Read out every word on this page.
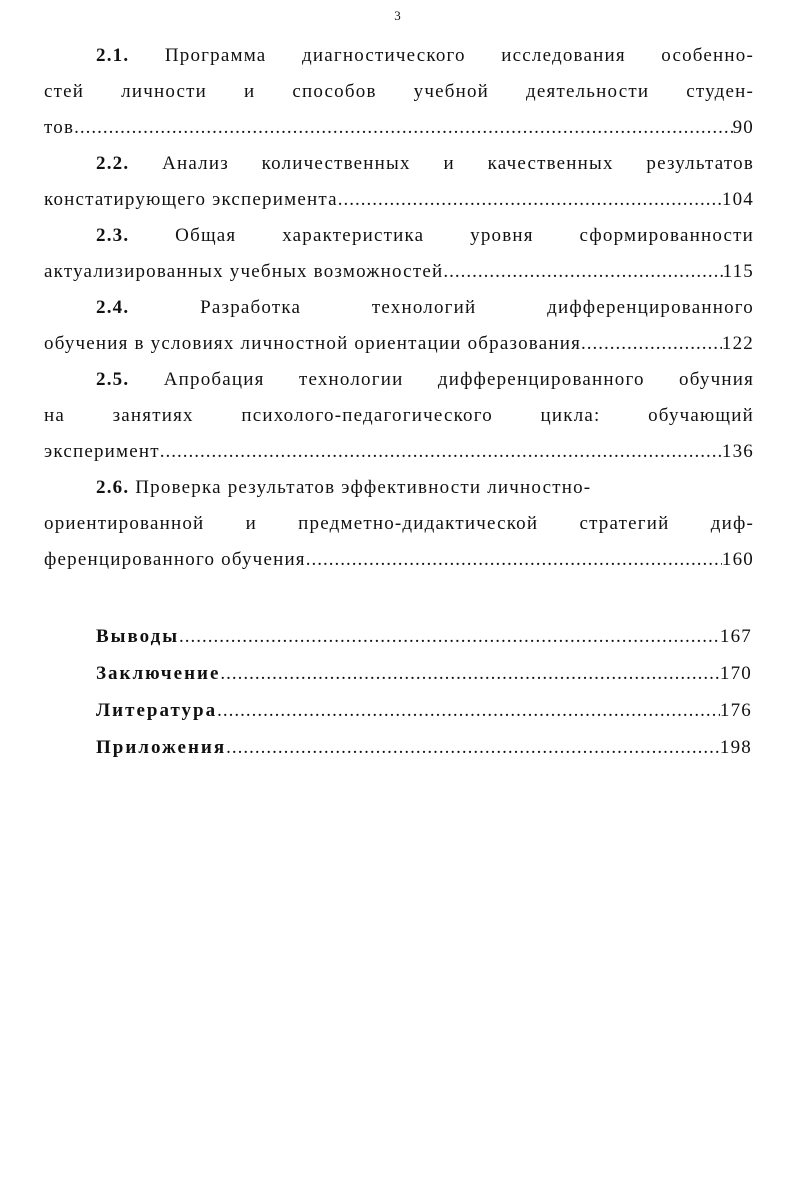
3
2.1. Программа диагностического исследования особенно-
стей личности и способов учебной деятельности студен-
тов .....	90
2.2. Анализ количественных и качественных результатов
констатирующего эксперимента .....	104
2.3. Общая характеристика уровня сформированности
актуализированных учебных возможностей .....	115
2.4.	Разработка технологий дифференцированного
обучения в условиях личностной ориентации образования .....	122
2.5. Апробация технологии дифференцированного обучния
на занятиях психолого-педагогического цикла: обучающий
эксперимент .....	136
2.6. Проверка результатов эффективности личностно-
ориентированной и предметно-дидактической стратегий диф-
ференцированного обучения .....	160
Выводы .....	167
Заключение .....	170
Литература .....	176
Приложения .....	198
